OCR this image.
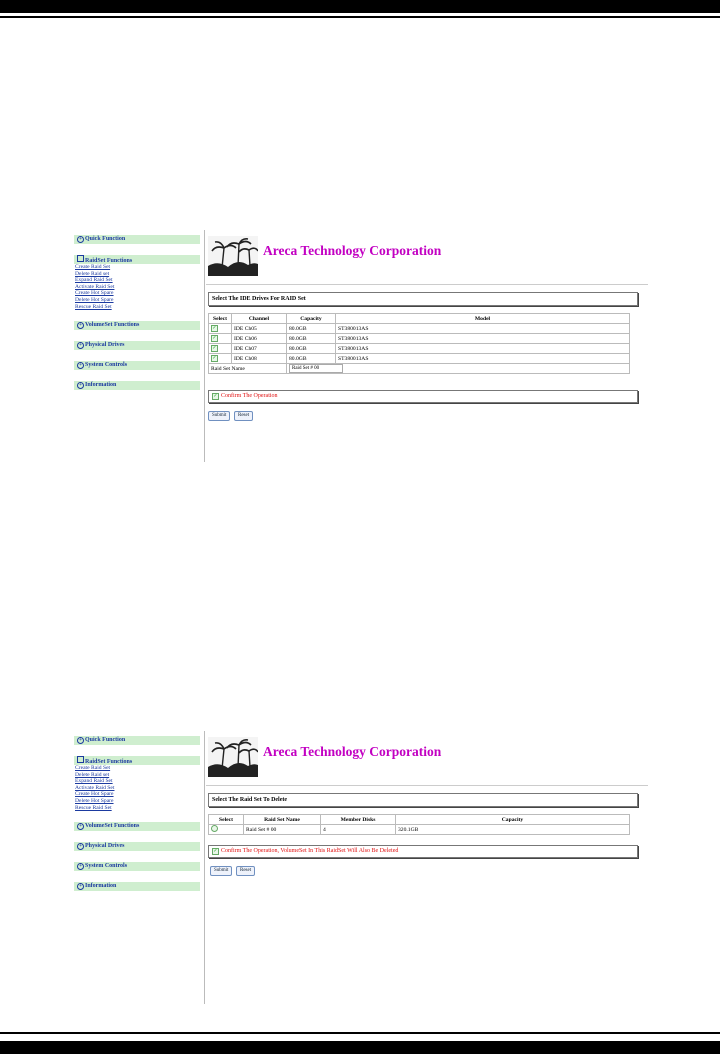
+ Quick Function
RaidSet Functions
Create Raid Set
Delete Raid set
Expand Raid Set
Activate Raid Set
Create Hot Spare
Delete Hot Spare
Rescue Raid Set
+ VolumeSet Functions
+ Physical Drives
+ System Controls
+ Information
Areca Technology Corporation
Select The IDE Drives For RAID Set
Select	Channel	Capacity	Model
✓	IDE Ch05	80.0GB	ST380013AS
✓	IDE Ch06	80.0GB	ST380013AS
✓	IDE Ch07	80.0GB	ST380013AS
✓	IDE Ch08	80.0GB	ST380013AS
Raid Set Name		Raid Set # 00	
✓ Confirm The Operation
Submit	Reset
+ Quick Function
RaidSet Functions
Create Raid Set
Delete Raid set
Expand Raid Set
Activate Raid Set
Create Hot Spare
Delete Hot Spare
Rescue Raid Set
+ VolumeSet Functions
+ Physical Drives
+ System Controls
+ Information
Areca Technology Corporation
Select The Raid Set To Delete
Select	Raid Set Name	Member Disks	Capacity
	Raid Set # 00	4	320.1GB
✓ Confirm The Operation, VolumeSet In This RaidSet Will Also Be Deleted
Submit	Reset
